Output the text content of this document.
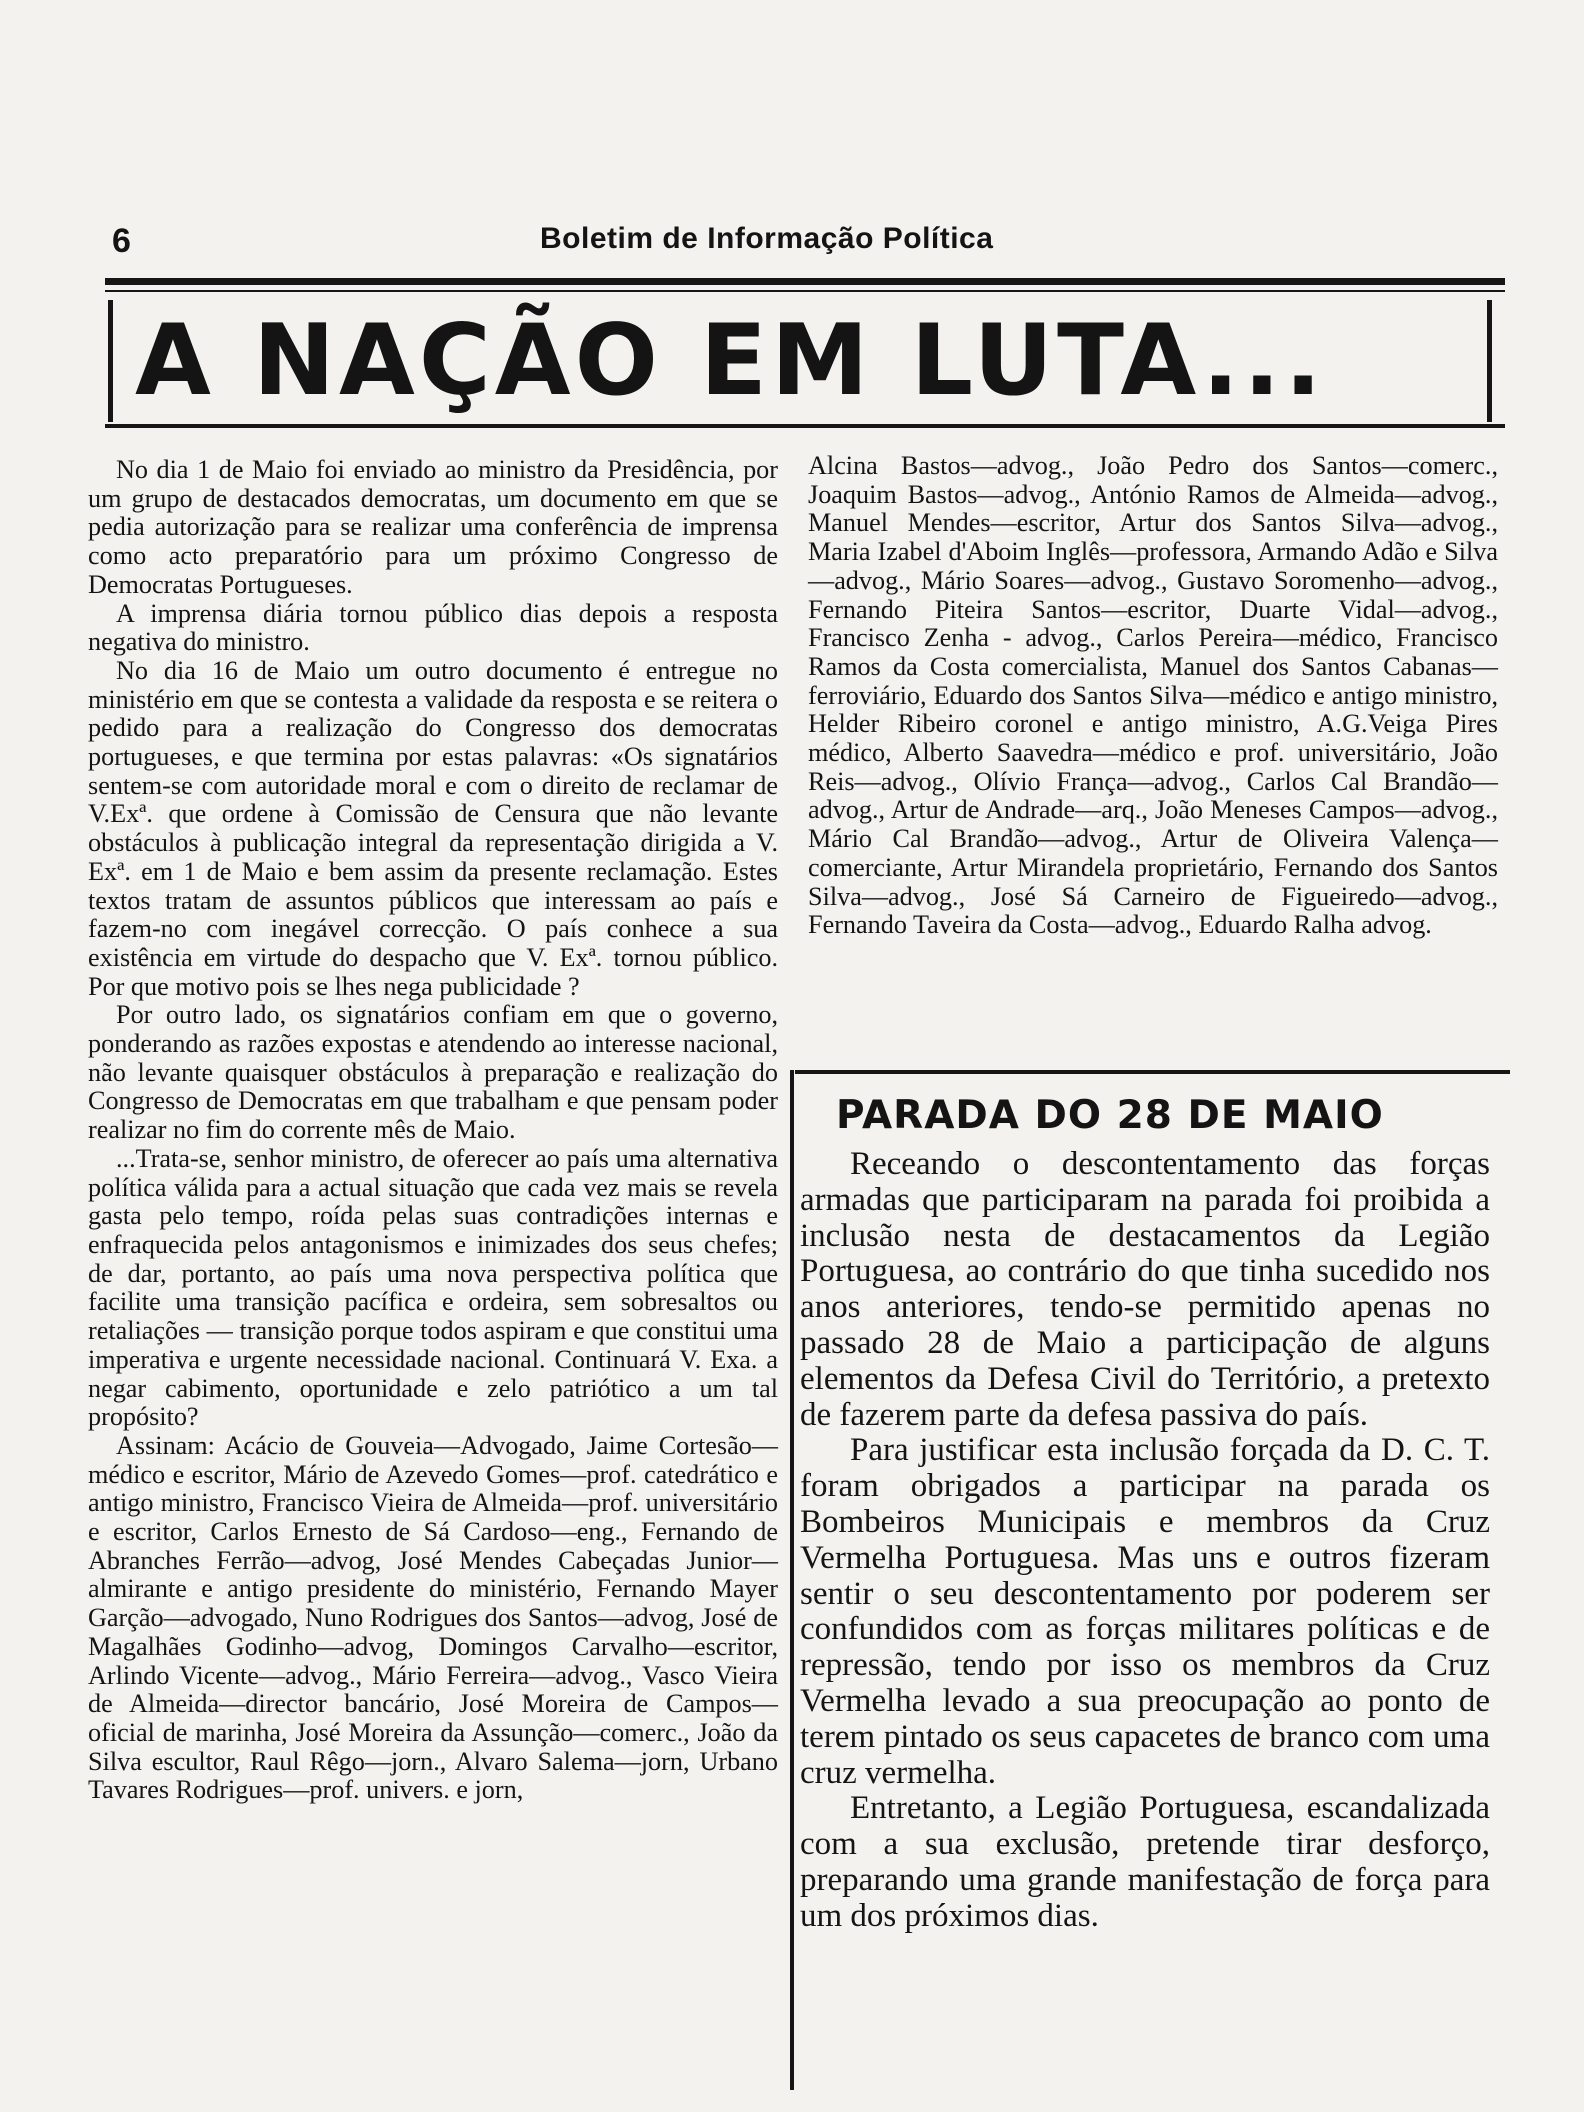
6	Boletim de Informação Política
A NAÇÃO EM LUTA...

No dia 1 de Maio foi enviado ao ministro da Presidência, por um grupo de destacados democratas, um documento em que se pedia autorização para se realizar uma conferência de imprensa como acto preparatório para um próximo Congresso de Democratas Portugueses.

A imprensa diária tornou público dias depois a resposta negativa do ministro.

No dia 16 de Maio um outro documento é entregue no ministério em que se contesta a validade da resposta e se reitera o pedido para a realização do Congresso dos democratas portugueses, e que termina por estas palavras: «Os signatários sentem-se com autoridade moral e com o direito de reclamar de V.Exª. que ordene à Comissão de Censura que não levante obstáculos à publicação integral da representação dirigida a V. Exª. em 1 de Maio e bem assim da presente reclamação. Estes textos tratam de assuntos públicos que interessam ao país e fazem-no com inegável correcção. O país conhece a sua existência em virtude do despacho que V. Exª. tornou público. Por que motivo pois se lhes nega publicidade ?

Por outro lado, os signatários confiam em que o governo, ponderando as razões expostas e atendendo ao interesse nacional, não levante quaisquer obstáculos à preparação e realização do Congresso de Democratas em que trabalham e que pensam poder realizar no fim do corrente mês de Maio.

...Trata-se, senhor ministro, de oferecer ao país uma alternativa política válida para a actual situação que cada vez mais se revela gasta pelo tempo, roída pelas suas contradições internas e enfraquecida pelos antagonismos e inimizades dos seus chefes; de dar, portanto, ao país uma nova perspectiva política que facilite uma transição pacífica e ordeira, sem sobresaltos ou retaliações — transição porque todos aspiram e que constitui uma imperativa e urgente necessidade nacional. Continuará V. Exa. a negar cabimento, oportunidade e zelo patriótico a um tal propósito?

Assinam: Acácio de Gouveia—Advogado, Jaime Cortesão—médico e escritor, Mário de Azevedo Gomes—prof. catedrático e antigo ministro, Francisco Vieira de Almeida—prof. universitário e escritor, Carlos Ernesto de Sá Cardoso—eng., Fernando de Abranches Ferrão—advog, José Mendes Cabeçadas Junior—almirante e antigo presidente do ministério, Fernando Mayer Garção—advogado, Nuno Rodrigues dos Santos—advog, José de Magalhães Godinho—advog, Domingos Carvalho—escritor, Arlindo Vicente—advog., Mário Ferreira—advog., Vasco Vieira de Almeida—director bancário, José Moreira de Campos—oficial de marinha, José Moreira da Assunção—comerc., João da Silva escultor, Raul Rêgo—jorn., Alvaro Salema—jorn, Urbano Tavares Rodrigues—prof. univers. e jorn,

Alcina Bastos—advog., João Pedro dos Santos—comerc., Joaquim Bastos—advog., António Ramos de Almeida—advog., Manuel Mendes—escritor, Artur dos Santos Silva—advog., Maria Izabel d'Aboim Inglês—professora, Armando Adão e Silva—advog., Mário Soares—advog., Gustavo Soromenho—advog., Fernando Piteira Santos—escritor, Duarte Vidal—advog., Francisco Zenha - advog., Carlos Pereira—médico, Francisco Ramos da Costa comercialista, Manuel dos Santos Cabanas—ferroviário, Eduardo dos Santos Silva—médico e antigo ministro, Helder Ribeiro coronel e antigo ministro, A.G.Veiga Pires médico, Alberto Saavedra—médico e prof. universitário, João Reis—advog., Olívio França—advog., Carlos Cal Brandão—advog., Artur de Andrade—arq., João Meneses Campos—advog., Mário Cal Brandão—advog., Artur de Oliveira Valença—comerciante, Artur Mirandela proprietário, Fernando dos Santos Silva—advog., José Sá Carneiro de Figueiredo—advog., Fernando Taveira da Costa—advog., Eduardo Ralha advog.

PARADA DO 28 DE MAIO

Receando o descontentamento das forças armadas que participaram na parada foi proibida a inclusão nesta de destacamentos da Legião Portuguesa, ao contrário do que tinha sucedido nos anos anteriores, tendo-se permitido apenas no passado 28 de Maio a participação de alguns elementos da Defesa Civil do Território, a pretexto de fazerem parte da defesa passiva do país.

Para justificar esta inclusão forçada da D. C. T. foram obrigados a participar na parada os Bombeiros Municipais e membros da Cruz Vermelha Portuguesa. Mas uns e outros fizeram sentir o seu descontentamento por poderem ser confundidos com as forças militares políticas e de repressão, tendo por isso os membros da Cruz Vermelha levado a sua preocupação ao ponto de terem pintado os seus capacetes de branco com uma cruz vermelha.

Entretanto, a Legião Portuguesa, escandalizada com a sua exclusão, pretende tirar desforço, preparando uma grande manifestação de força para um dos próximos dias.
